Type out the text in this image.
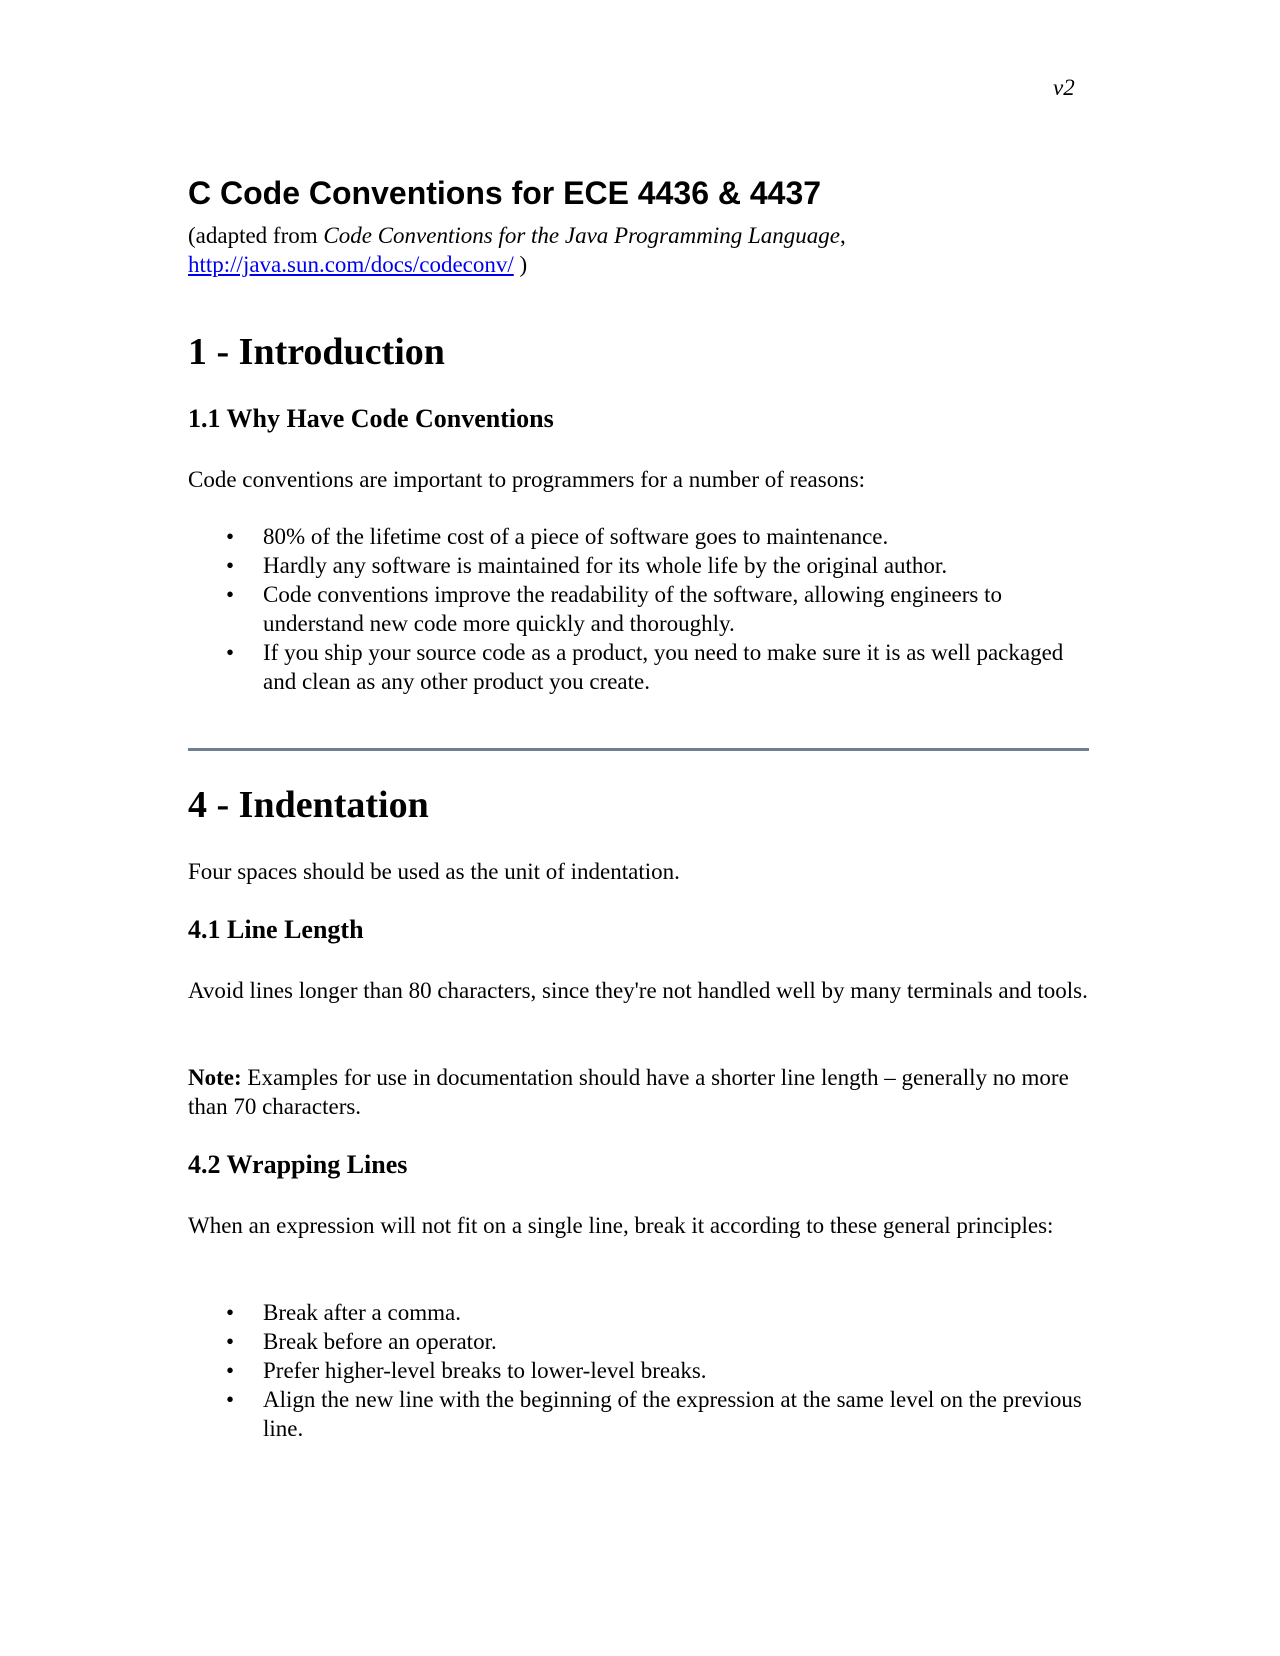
v2
C Code Conventions for ECE 4436 & 4437

(adapted from Code Conventions for the Java Programming Language,
http://java.sun.com/docs/codeconv/ )

1 - Introduction
1.1 Why Have Code Conventions

Code conventions are important to programmers for a number of reasons:

• 80% of the lifetime cost of a piece of software goes to maintenance.
• Hardly any software is maintained for its whole life by the original author.
• Code conventions improve the readability of the software, allowing engineers to understand new code more quickly and thoroughly.
• If you ship your source code as a product, you need to make sure it is as well packaged and clean as any other product you create.
4 - Indentation

Four spaces should be used as the unit of indentation.

4.1 Line Length

Avoid lines longer than 80 characters, since they're not handled well by many terminals and tools.

Note: Examples for use in documentation should have a shorter line length – generally no more than 70 characters.

4.2 Wrapping Lines

When an expression will not fit on a single line, break it according to these general principles:

• Break after a comma.
• Break before an operator.
• Prefer higher-level breaks to lower-level breaks.
• Align the new line with the beginning of the expression at the same level on the previous line.
